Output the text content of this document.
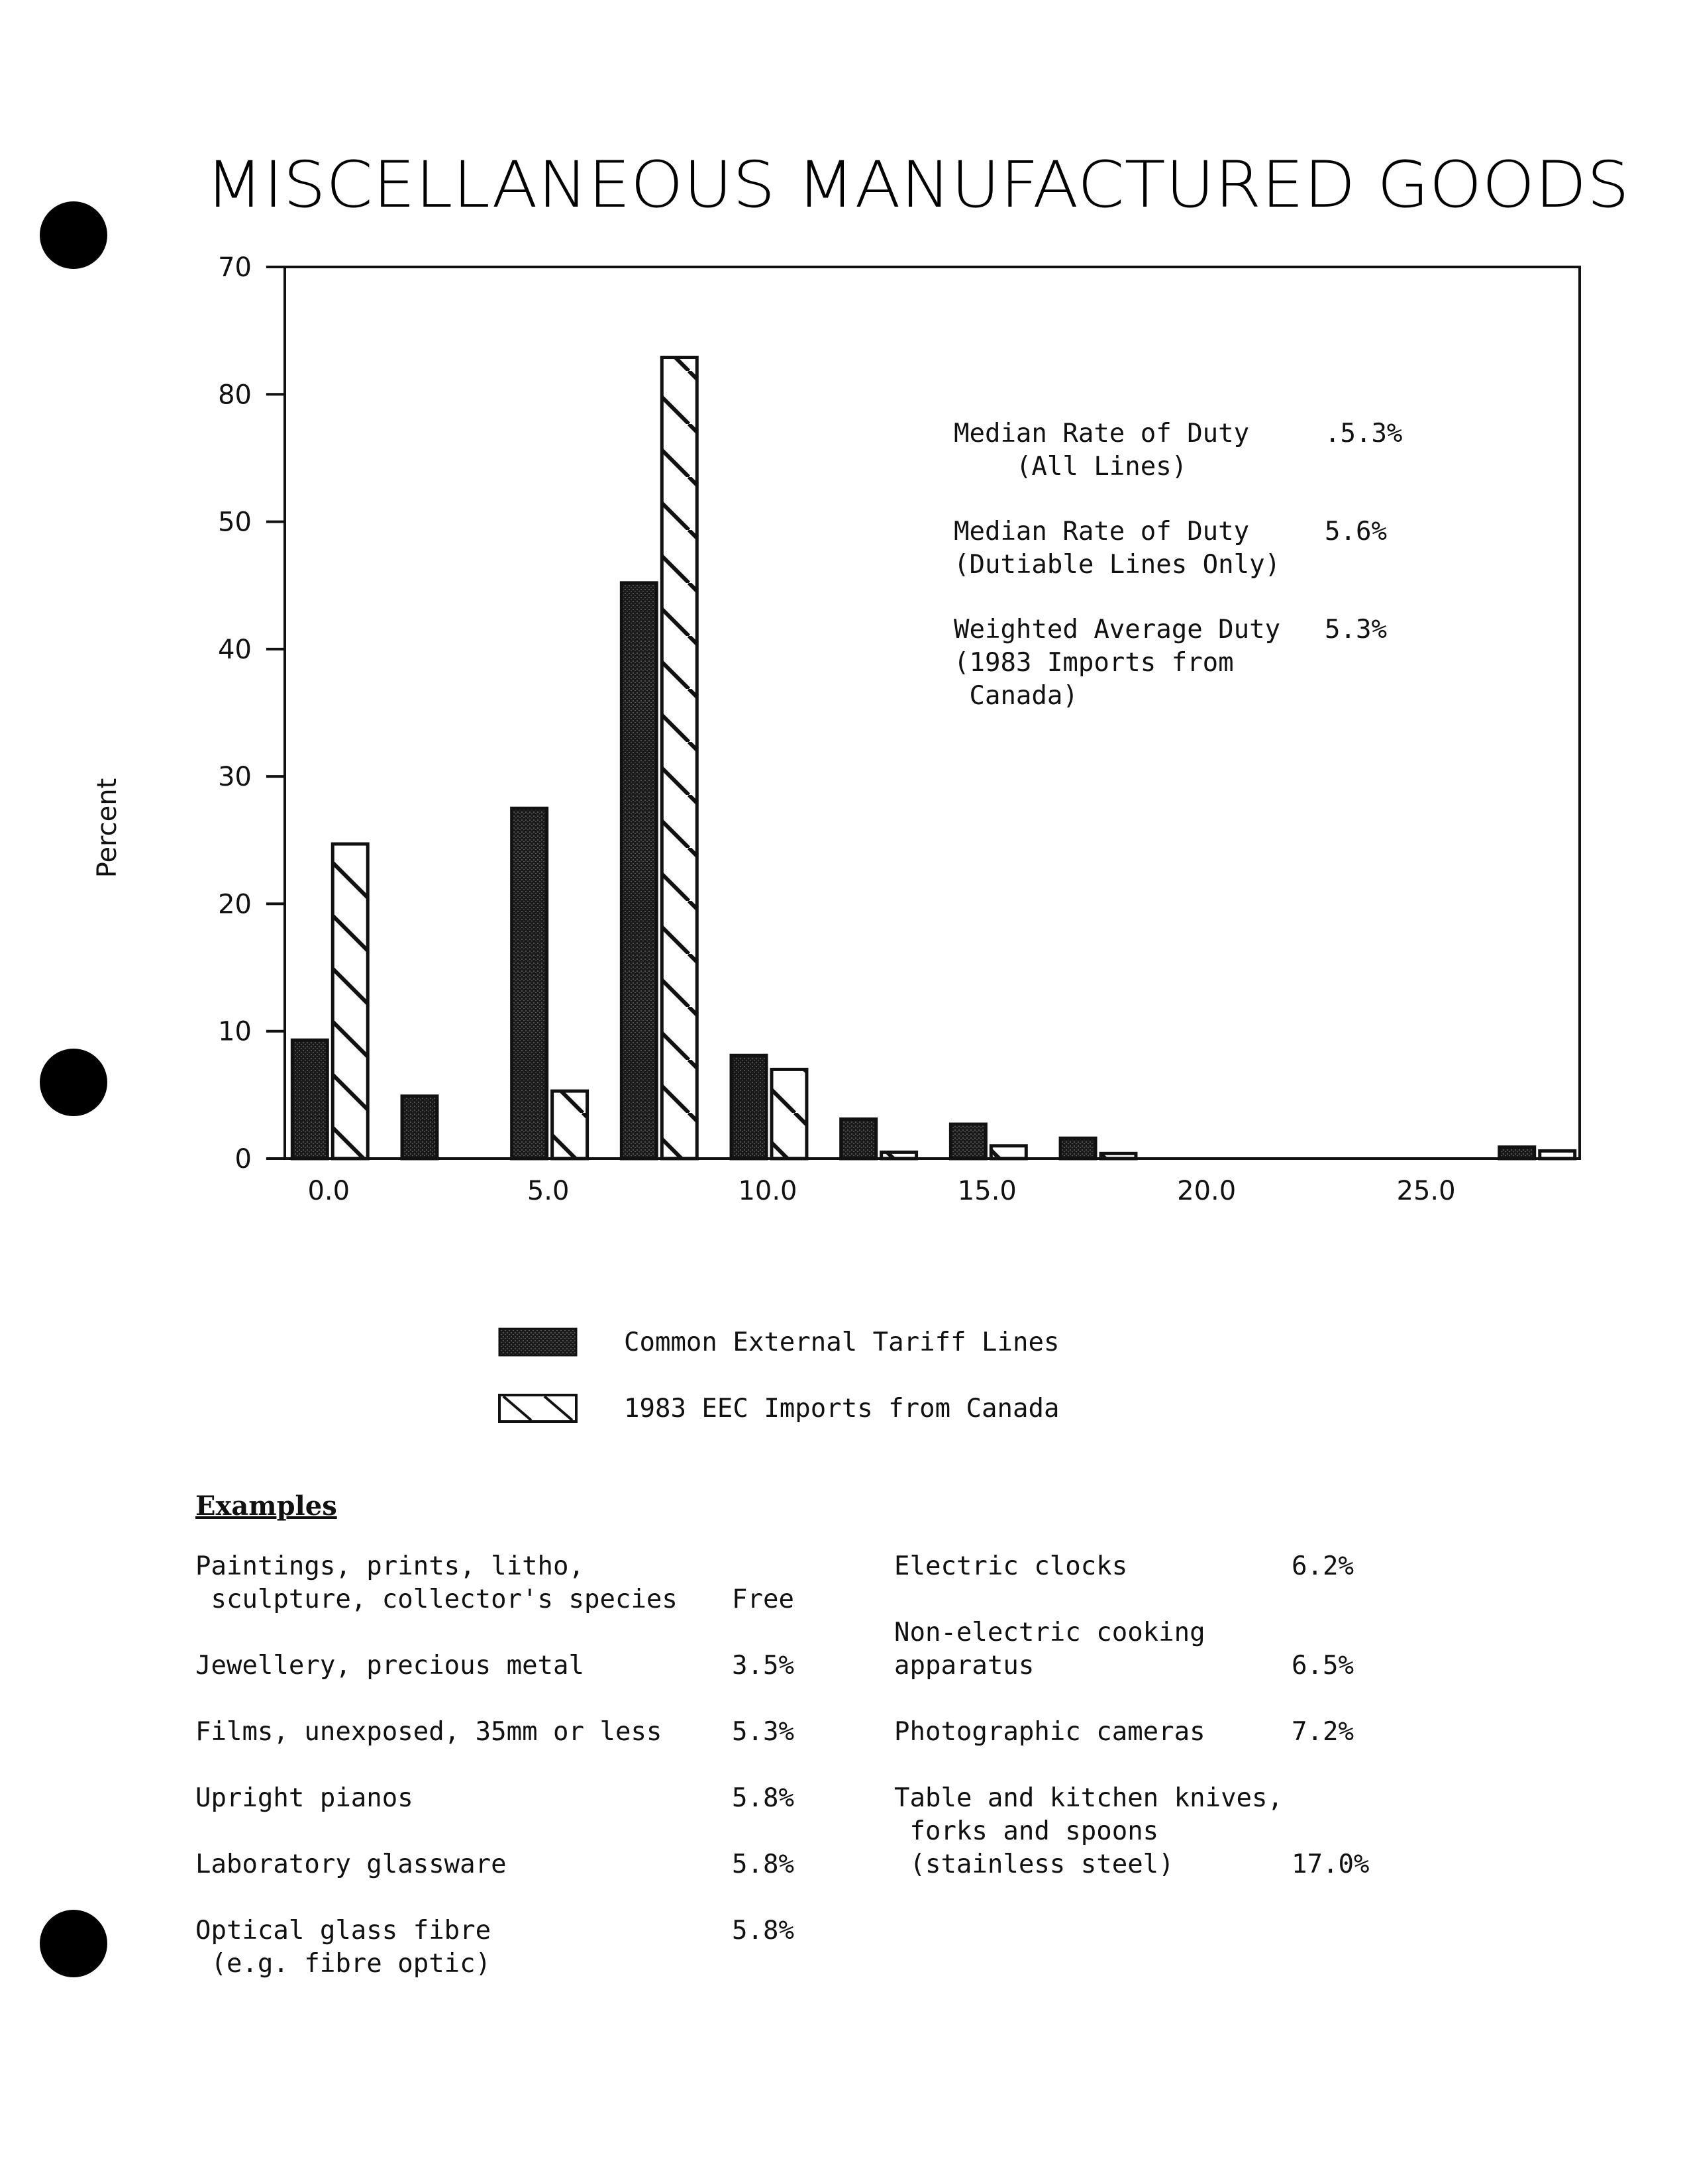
MISCELLANEOUS MANUFACTURED GOODS
Percent
0
10
20
30
40
50
80
70
0.0	5.0	10.0	15.0	20.0	25.0
Median Rate of Duty
(All Lines)
.5.3%
Median Rate of Duty
(Dutiable Lines Only)
5.6%
Weighted Average Duty
(1983 Imports from
Canada)
5.3%
Common External Tariff Lines
1983 EEC Imports from Canada
Examples
Paintings, prints, litho,
sculpture, collector's species	Free
Jewellery, precious metal	3.5%
Films, unexposed, 35mm or less	5.3%
Upright pianos	5.8%
Laboratory glassware	5.8%
Optical glass fibre
(e.g. fibre optic)
5.8%
Electric clocks	6.2%
Non-electric cooking
apparatus	6.5%
Photographic cameras	7.2%
Table and kitchen knives,
forks and spoons
(stainless steel)	17.0%
